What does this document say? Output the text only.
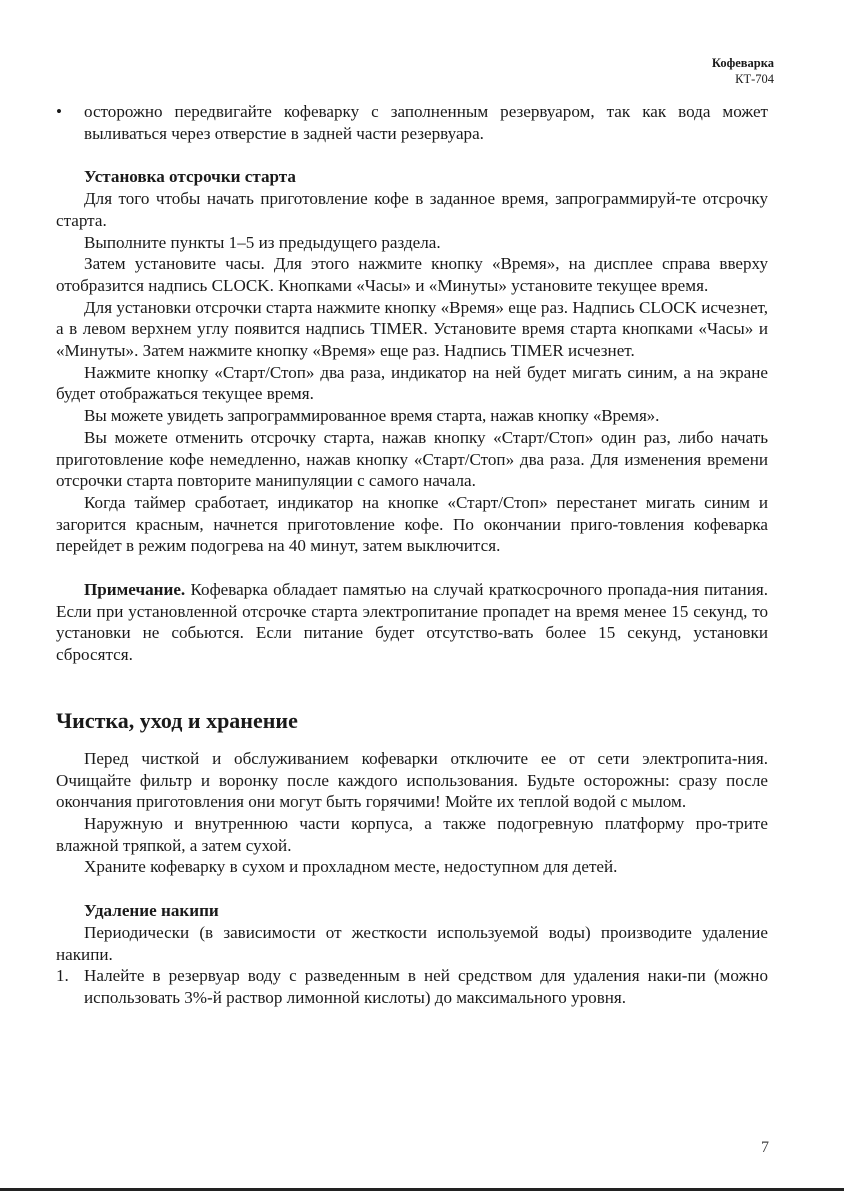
Кофеварка
КТ-704
•	осторожно передвигайте кофеварку с заполненным резервуаром, так как вода может выливаться через отверстие в задней части резервуара.

Установка отсрочки старта

Для того чтобы начать приготовление кофе в заданное время, запрограммируй-те отсрочку старта.

Выполните пункты 1–5 из предыдущего раздела.

Затем установите часы. Для этого нажмите кнопку «Время», на дисплее справа вверху отобразится надпись CLOCK. Кнопками «Часы» и «Минуты» установите текущее время.

Для установки отсрочки старта нажмите кнопку «Время» еще раз. Надпись CLOCK исчезнет, а в левом верхнем углу появится надпись TIMER. Установите время старта кнопками «Часы» и «Минуты». Затем нажмите кнопку «Время» еще раз. Надпись TIMER исчезнет.

Нажмите кнопку «Старт/Стоп» два раза, индикатор на ней будет мигать синим, а на экране будет отображаться текущее время.

Вы можете увидеть запрограммированное время старта, нажав кнопку «Время».

Вы можете отменить отсрочку старта, нажав кнопку «Старт/Стоп» один раз, либо начать приготовление кофе немедленно, нажав кнопку «Старт/Стоп» два раза. Для изменения времени отсрочки старта повторите манипуляции с самого начала.

Когда таймер сработает, индикатор на кнопке «Старт/Стоп» перестанет мигать синим и загорится красным, начнется приготовление кофе. По окончании приго-товления кофеварка перейдет в режим подогрева на 40 минут, затем выключится.

Примечание. Кофеварка обладает памятью на случай краткосрочного пропада-ния питания. Если при установленной отсрочке старта электропитание пропадет на время менее 15 секунд, то установки не собьются. Если питание будет отсутство-вать более 15 секунд, установки сбросятся.

Чистка, уход и хранение

Перед чисткой и обслуживанием кофеварки отключите ее от сети электропита-ния. Очищайте фильтр и воронку после каждого использования. Будьте осторожны: сразу после окончания приготовления они могут быть горячими! Мойте их теплой водой с мылом.

Наружную и внутреннюю части корпуса, а также подогревную платформу про-трите влажной тряпкой, а затем сухой.

Храните кофеварку в сухом и прохладном месте, недоступном для детей.

Удаление накипи

Периодически (в зависимости от жесткости используемой воды) производите удаление накипи.

1. Налейте в резервуар воду с разведенным в ней средством для удаления наки-пи (можно использовать 3%-й раствор лимонной кислоты) до максимального уровня.
7
